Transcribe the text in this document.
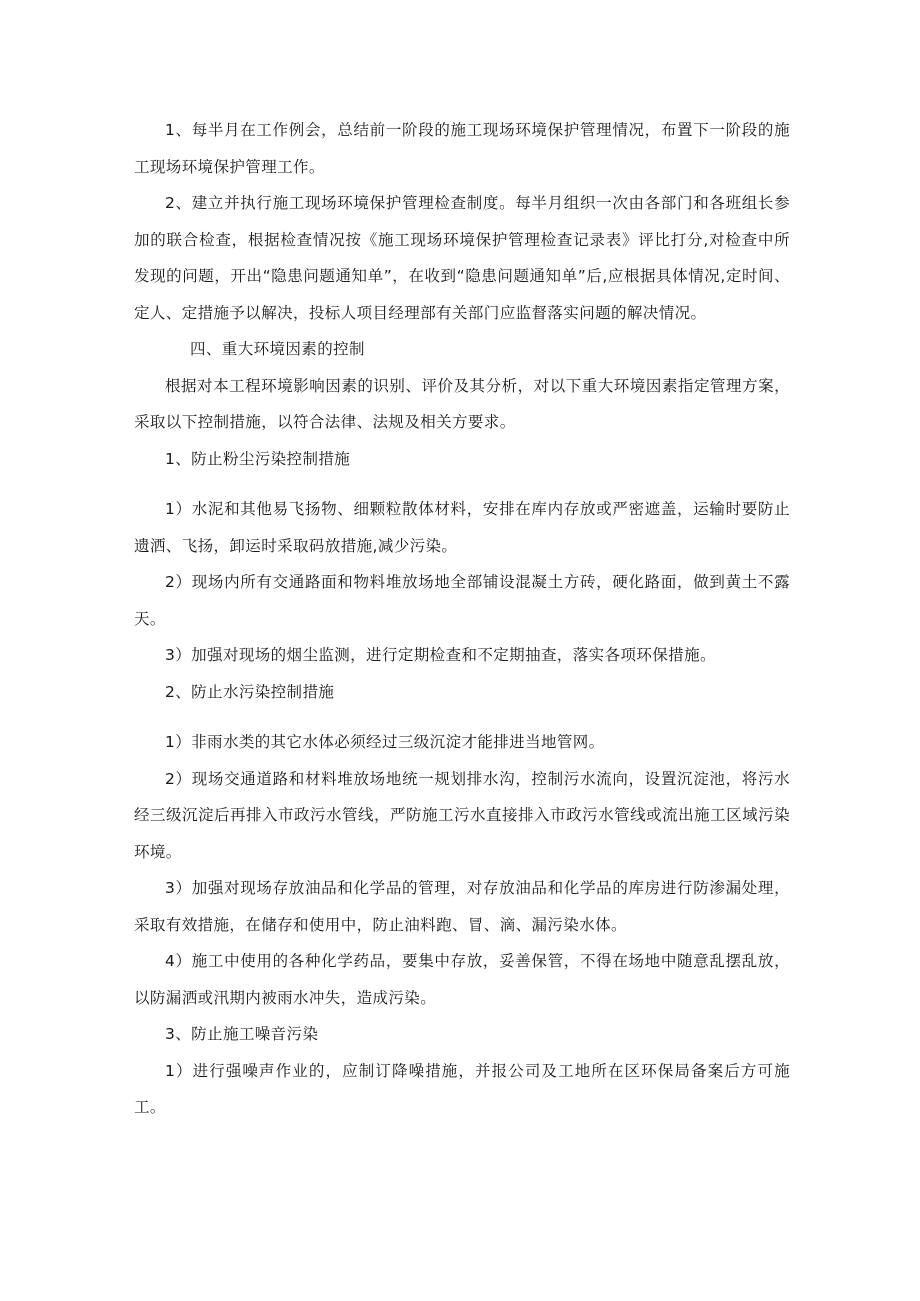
1、每半月在工作例会，总结前一阶段的施工现场环境保护管理情况，布置下一阶段的施工现场环境保护管理工作。

2、建立并执行施工现场环境保护管理检查制度。每半月组织一次由各部门和各班组长参加的联合检查，根据检查情况按《施工现场环境保护管理检查记录表》评比打分,对检查中所发现的问题，开出“隐患问题通知单”，在收到“隐患问题通知单”后,应根据具体情况,定时间、定人、定措施予以解决，投标人项目经理部有关部门应监督落实问题的解决情况。

四、重大环境因素的控制

根据对本工程环境影响因素的识别、评价及其分析，对以下重大环境因素指定管理方案，采取以下控制措施，以符合法律、法规及相关方要求。

1、防止粉尘污染控制措施

1）水泥和其他易飞扬物、细颗粒散体材料，安排在库内存放或严密遮盖，运输时要防止遗洒、飞扬，卸运时采取码放措施,减少污染。

2）现场内所有交通路面和物料堆放场地全部铺设混凝土方砖，硬化路面，做到黄土不露天。

3）加强对现场的烟尘监测，进行定期检查和不定期抽查，落实各项环保措施。

2、防止水污染控制措施

1）非雨水类的其它水体必须经过三级沉淀才能排进当地管网。

2）现场交通道路和材料堆放场地统一规划排水沟，控制污水流向，设置沉淀池，将污水经三级沉淀后再排入市政污水管线，严防施工污水直接排入市政污水管线或流出施工区域污染环境。

3）加强对现场存放油品和化学品的管理，对存放油品和化学品的库房进行防渗漏处理，采取有效措施，在储存和使用中，防止油料跑、冒、滴、漏污染水体。

4）施工中使用的各种化学药品，要集中存放，妥善保管，不得在场地中随意乱摆乱放，以防漏洒或汛期内被雨水冲失，造成污染。

3、防止施工噪音污染

1）进行强噪声作业的，应制订降噪措施，并报公司及工地所在区环保局备案后方可施工。
